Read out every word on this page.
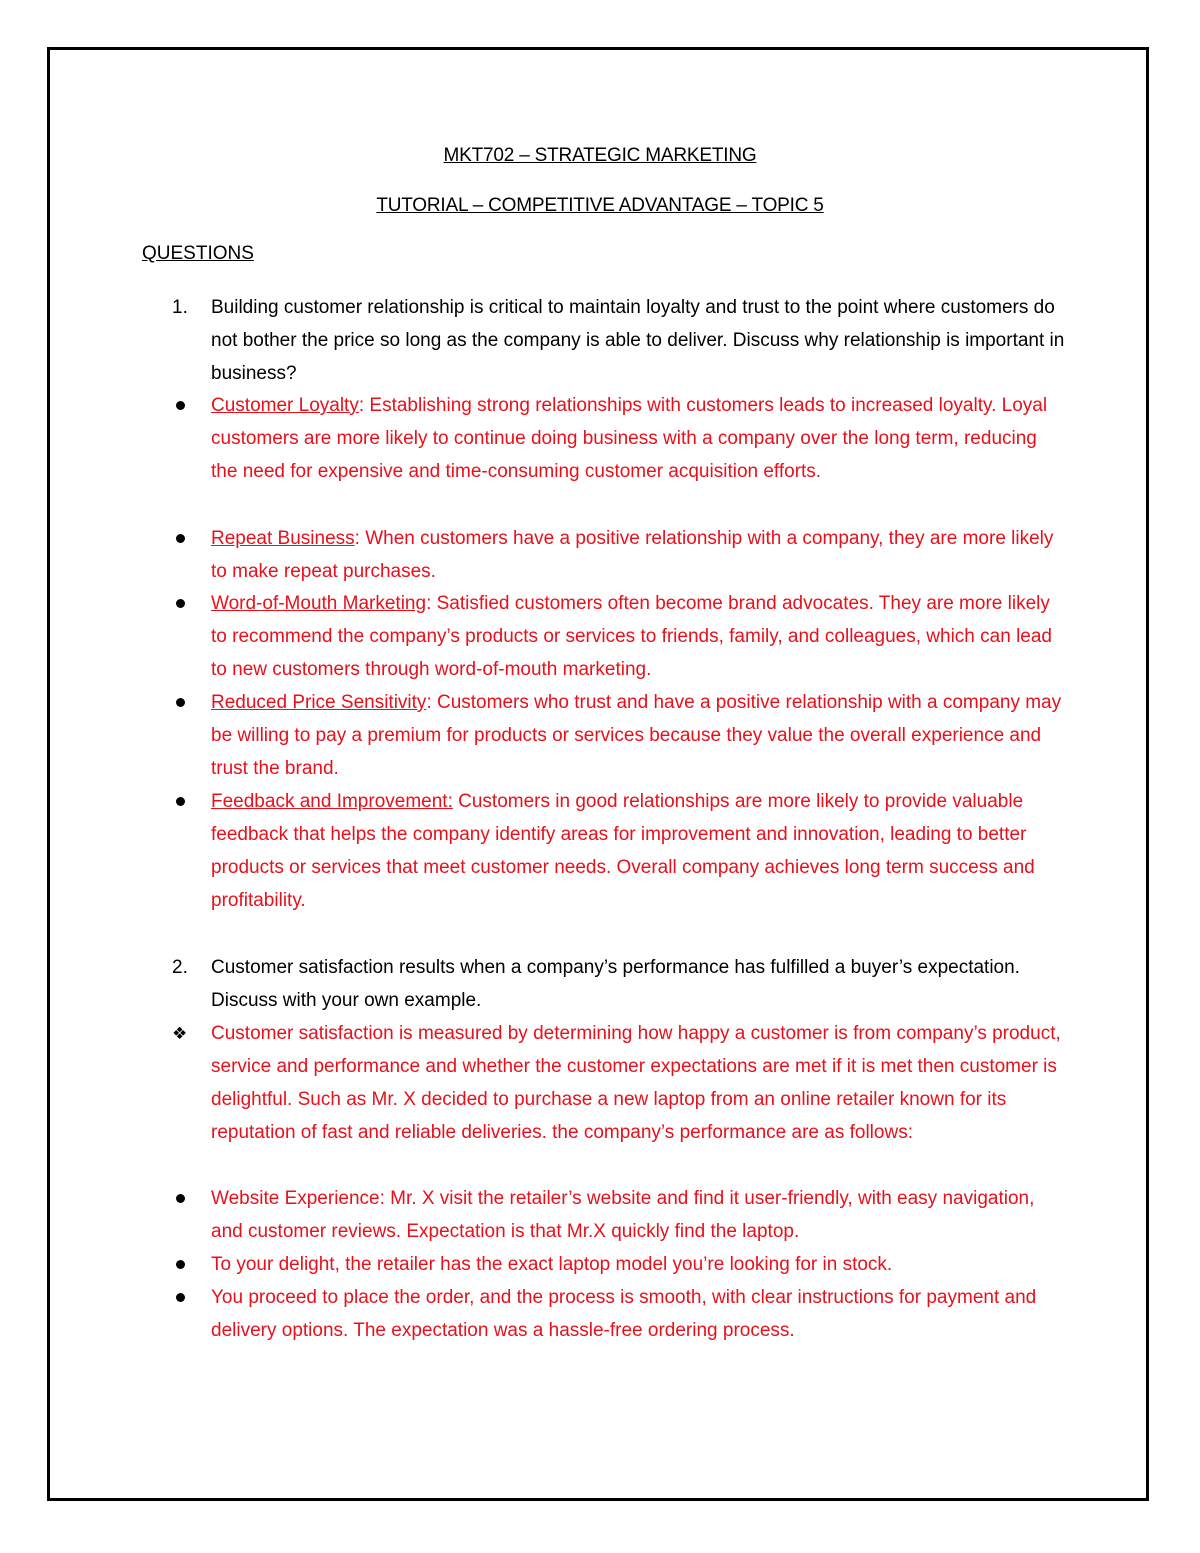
MKT702 – STRATEGIC MARKETING
TUTORIAL – COMPETITIVE ADVANTAGE – TOPIC 5
QUESTIONS
1.	Building customer relationship is critical to maintain loyalty and trust to the point where customers do not bother the price so long as the company is able to deliver. Discuss why relationship is important in business?
Customer Loyalty: Establishing strong relationships with customers leads to increased loyalty. Loyal customers are more likely to continue doing business with a company over the long term, reducing the need for expensive and time-consuming customer acquisition efforts.
Repeat Business: When customers have a positive relationship with a company, they are more likely to make repeat purchases.
Word-of-Mouth Marketing: Satisfied customers often become brand advocates. They are more likely to recommend the company’s products or services to friends, family, and colleagues, which can lead to new customers through word-of-mouth marketing.
Reduced Price Sensitivity: Customers who trust and have a positive relationship with a company may be willing to pay a premium for products or services because they value the overall experience and trust the brand.
Feedback and Improvement: Customers in good relationships are more likely to provide valuable feedback that helps the company identify areas for improvement and innovation, leading to better products or services that meet customer needs. Overall company achieves long term success and profitability.
2.	Customer satisfaction results when a company’s performance has fulfilled a buyer’s expectation. Discuss with your own example.
❖ Customer satisfaction is measured by determining how happy a customer is from company’s product, service and performance and whether the customer expectations are met if it is met then customer is delightful. Such as Mr. X decided to purchase a new laptop from an online retailer known for its reputation of fast and reliable deliveries. the company’s performance are as follows:
Website Experience: Mr. X visit the retailer’s website and find it user-friendly, with easy navigation, and customer reviews. Expectation is that Mr.X quickly find the laptop.
To your delight, the retailer has the exact laptop model you’re looking for in stock.
You proceed to place the order, and the process is smooth, with clear instructions for payment and delivery options. The expectation was a hassle-free ordering process.
